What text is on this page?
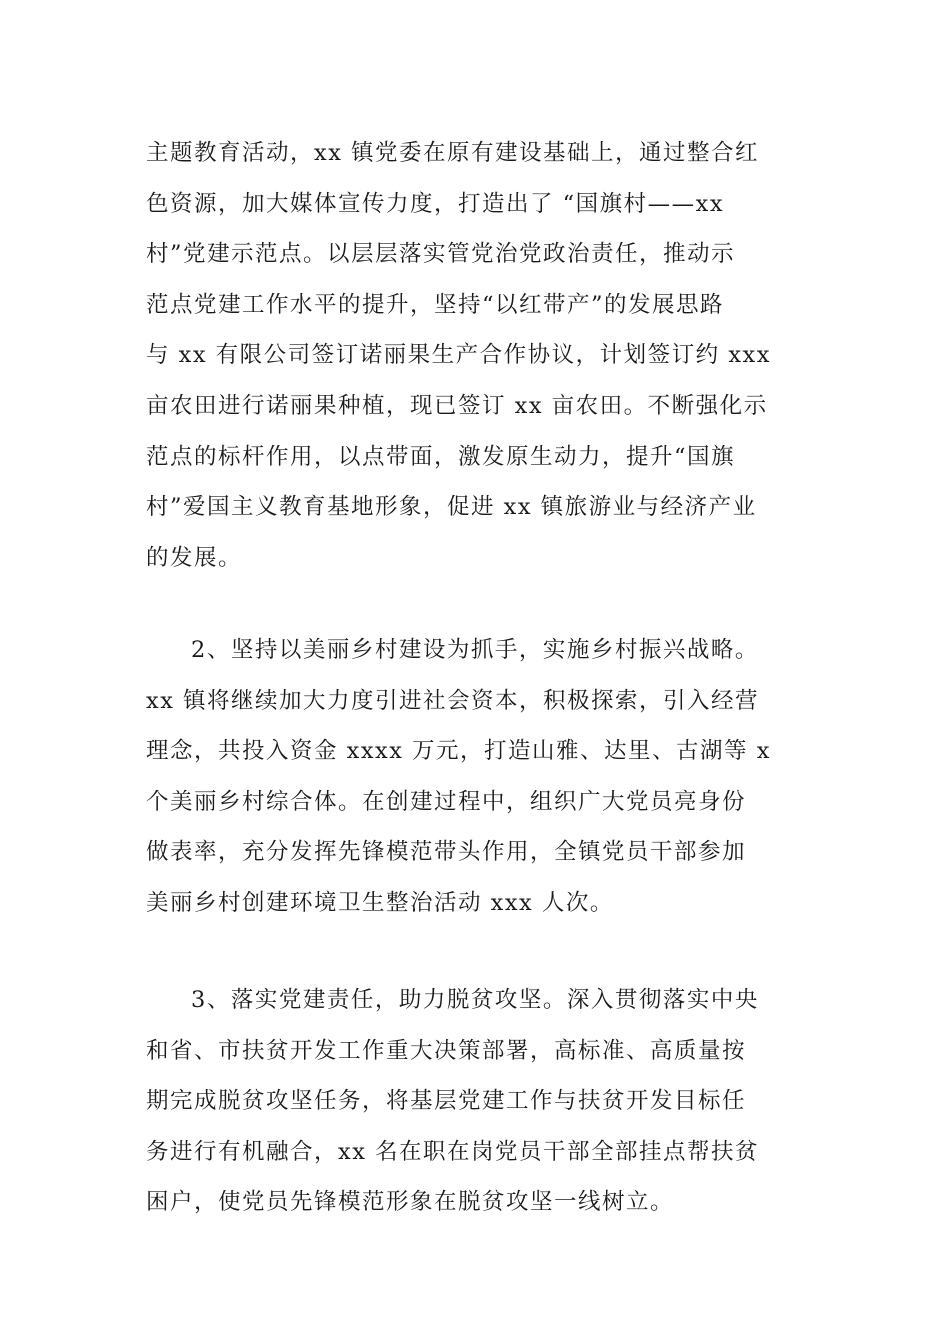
主题教育活动，xx 镇党委在原有建设基础上，通过整合红
色资源，加大媒体宣传力度，打造出了 “国旗村——xx
村”党建示范点。以层层落实管党治党政治责任，推动示
范点党建工作水平的提升，坚持“以红带产”的发展思路
与 xx 有限公司签订诺丽果生产合作协议，计划签订约 xxx
亩农田进行诺丽果种植，现已签订 xx 亩农田。不断强化示
范点的标杆作用，以点带面，激发原生动力，提升“国旗
村”爱国主义教育基地形象，促进 xx 镇旅游业与经济产业
的发展。
2、坚持以美丽乡村建设为抓手，实施乡村振兴战略。
xx 镇将继续加大力度引进社会资本，积极探索，引入经营
理念，共投入资金 xxxx 万元，打造山雅、达里、古湖等 x
个美丽乡村综合体。在创建过程中，组织广大党员亮身份
做表率，充分发挥先锋模范带头作用，全镇党员干部参加
美丽乡村创建环境卫生整治活动 xxx 人次。
3、落实党建责任，助力脱贫攻坚。深入贯彻落实中央
和省、市扶贫开发工作重大决策部署，高标准、高质量按
期完成脱贫攻坚任务，将基层党建工作与扶贫开发目标任
务进行有机融合，xx 名在职在岗党员干部全部挂点帮扶贫
困户，使党员先锋模范形象在脱贫攻坚一线树立。
